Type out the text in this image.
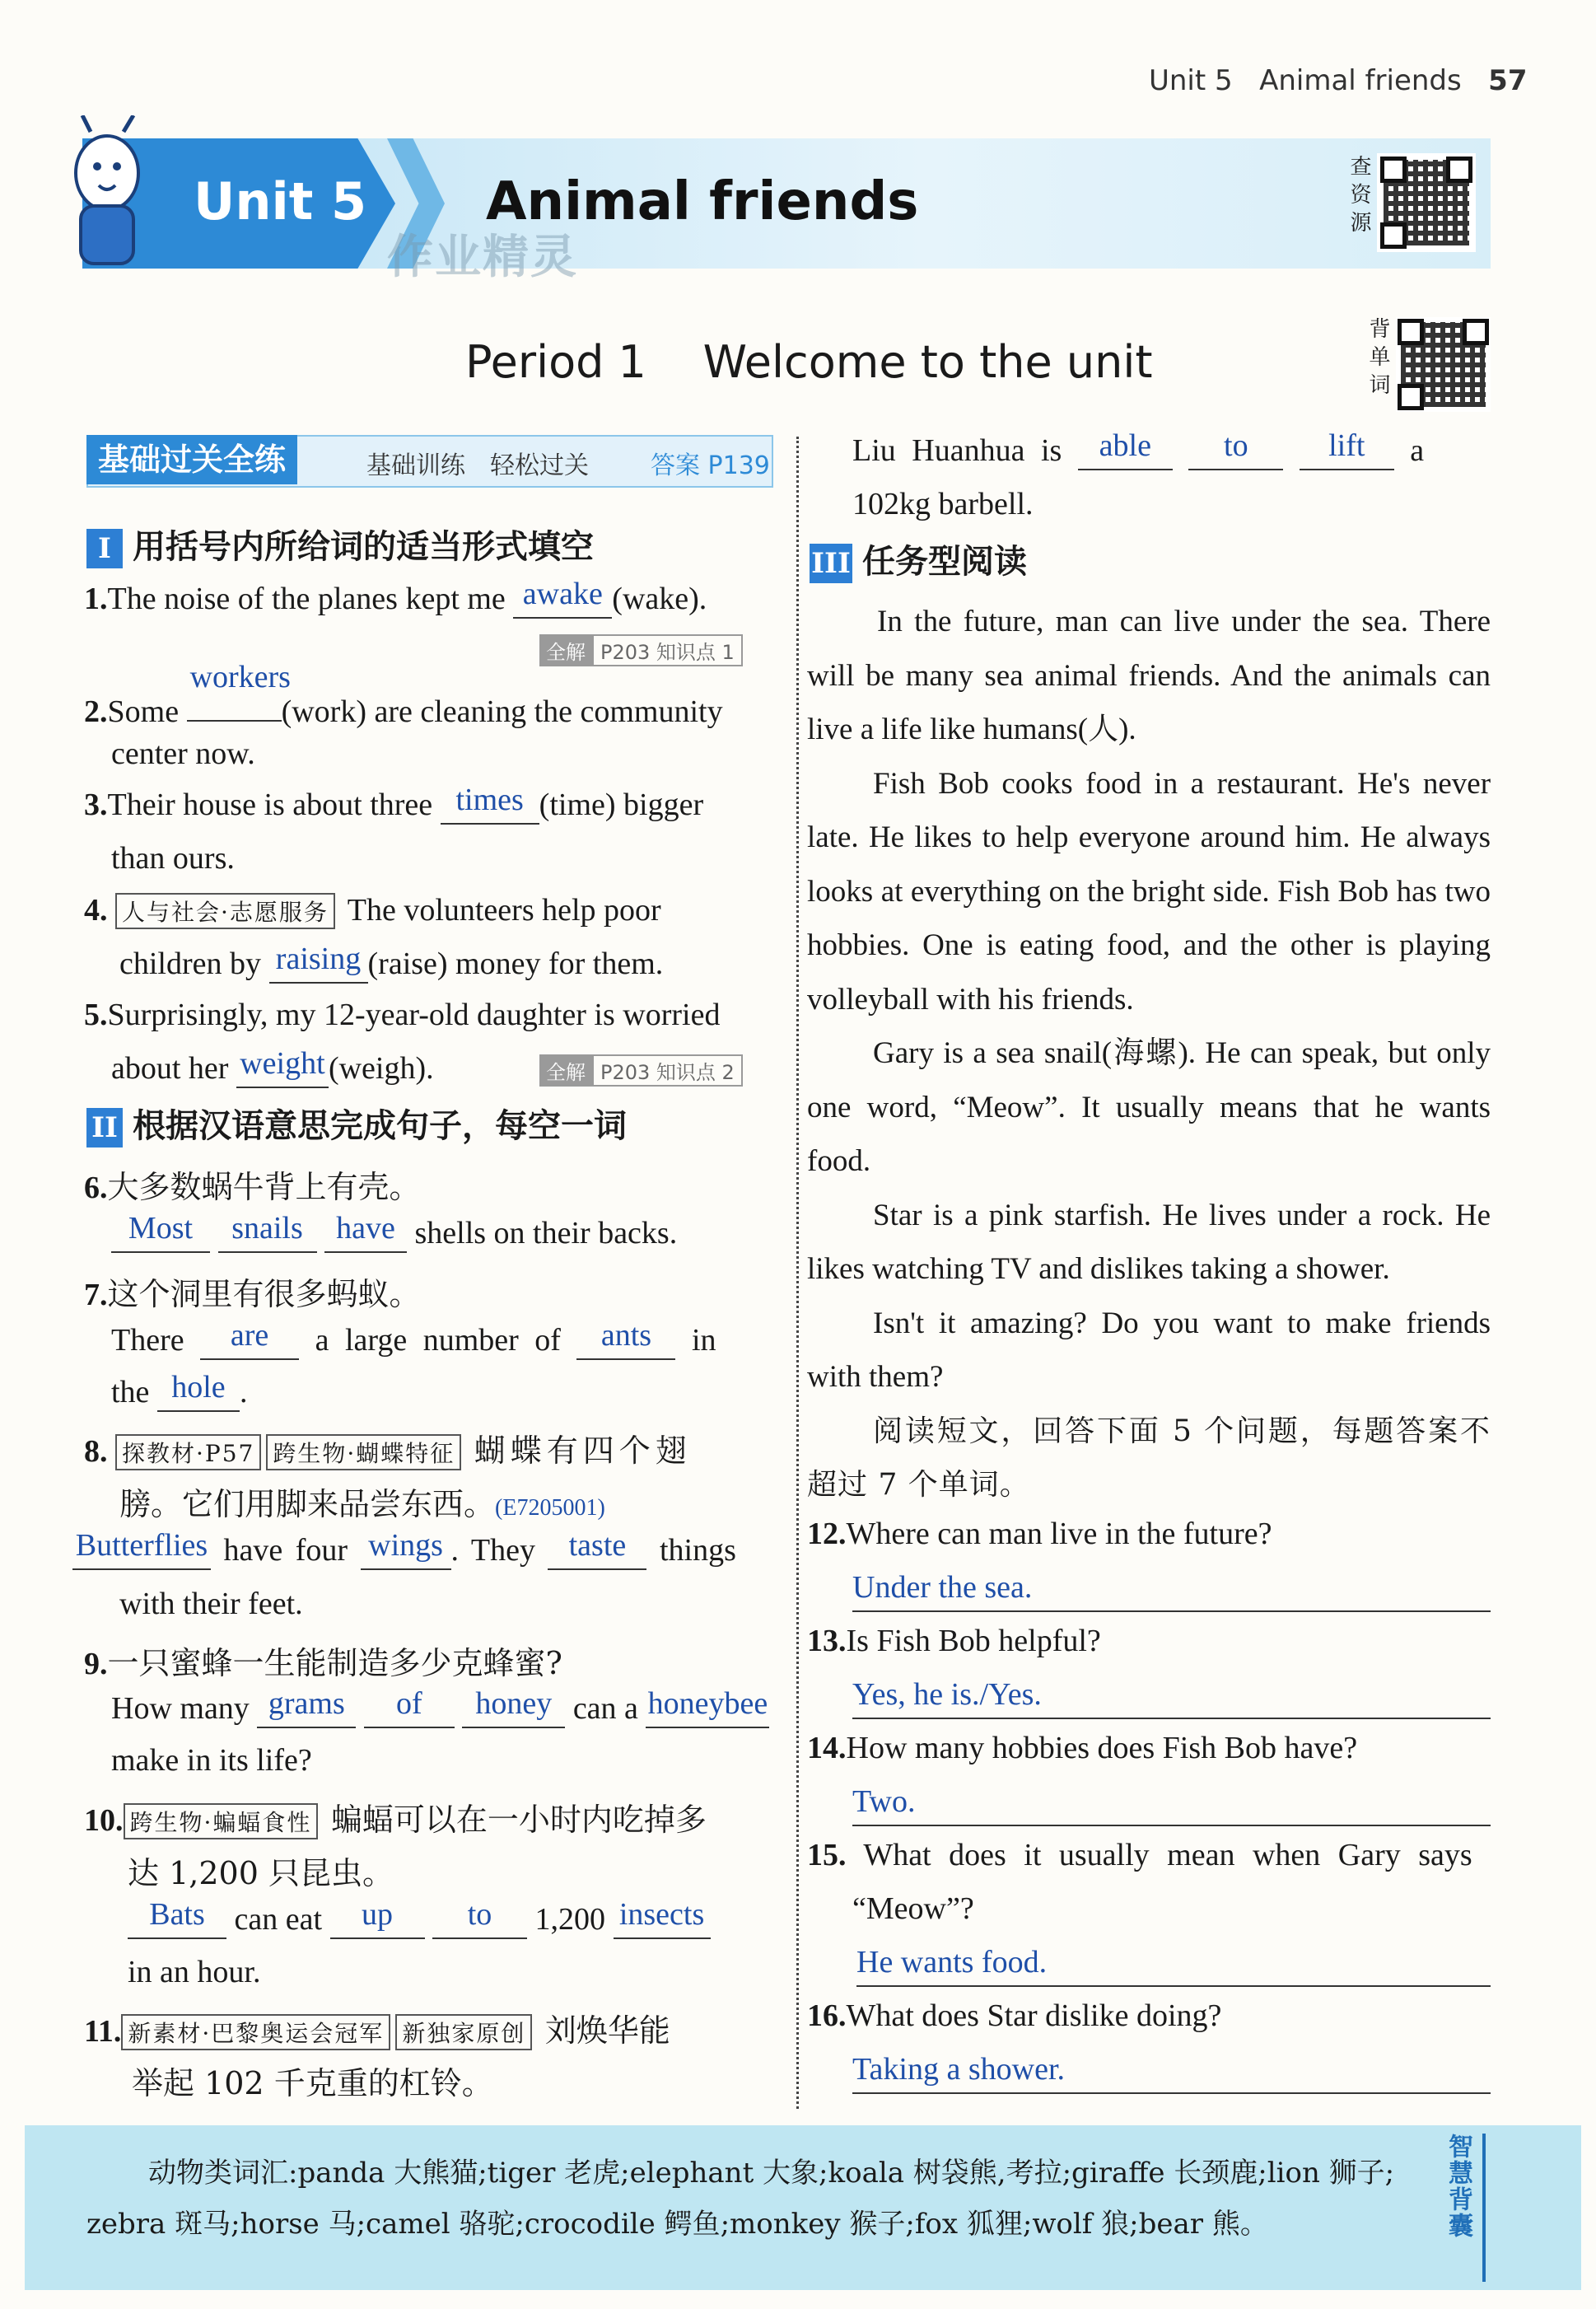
Unit 5 Animal friends 57
Unit 5 Animal friends
作业精灵
查资源
Period 1 Welcome to the unit	背单词
基础过关全练	基础训练　轻松过关	答案 P139
I 用括号内所给词的适当形式填空
1.The noise of the planes kept me awake (wake).
全解 P203 知识点 1
2.Some
workers
(work) are cleaning the community
center now.
3.Their house is about three times (time) bigger
than ours.
4. 人与社会·志愿服务 The volunteers help poor
children by raising (raise) money for them.
5.Surprisingly, my 12-year-old daughter is worried
about her weight (weigh).	全解 P203 知识点 2
II 根据汉语意思完成句子，每空一词
6.大多数蜗牛背上有壳。
Most snails have shells on their backs.
7.这个洞里有很多蚂蚁。
There are a large number of ants in
the hole .
8. 探教材·P57 跨生物·蝴蝶特征 蝴蝶有四个翅
膀。它们用脚来品尝东西。(E7205001)
Butterflies have four wings . They taste things
with their feet.
9.一只蜜蜂一生能制造多少克蜂蜜?
How many grams of honey can a honeybee
make in its life?
10. 跨生物·蝙蝠食性 蝙蝠可以在一小时内吃掉多
达 1,200 只昆虫。
Bats can eat up to 1,200 insects
in an hour.
11. 新素材·巴黎奥运会冠军 新独家原创 刘焕华能
举起 102 千克重的杠铃。
Liu Huanhua is able to	lift a
102kg barbell.
III 任务型阅读
In the future, man can live under the sea. There will be many sea animal friends. And the animals can live a life like humans(人).
Fish Bob cooks food in a restaurant. He's never late. He likes to help everyone around him. He always looks at everything on the bright side. Fish Bob has two hobbies. One is eating food, and the other is playing volleyball with his friends.
Gary is a sea snail(海螺). He can speak, but only one word, “Meow”. It usually means that he wants food.
Star is a pink starfish. He lives under a rock. He likes watching TV and dislikes taking a shower.
Isn't it amazing? Do you want to make friends with them?
阅读短文，回答下面 5 个问题，每题答案不超过 7 个单词。
12.Where can man live in the future?
Under the sea.
13.Is Fish Bob helpful?
Yes, he is./Yes.
14.How many hobbies does Fish Bob have?
Two.
15. What does it usually mean when Gary says
“Meow”?
He wants food.
16.What does Star dislike doing?
Taking a shower.
动物类词汇:panda 大熊猫;tiger 老虎;elephant 大象;koala 树袋熊,考拉;giraffe 长颈鹿;lion 狮子;
zebra 斑马;horse 马;camel 骆驼;crocodile 鳄鱼;monkey 猴子;fox 狐狸;wolf 狼;bear 熊。	智慧背囊
